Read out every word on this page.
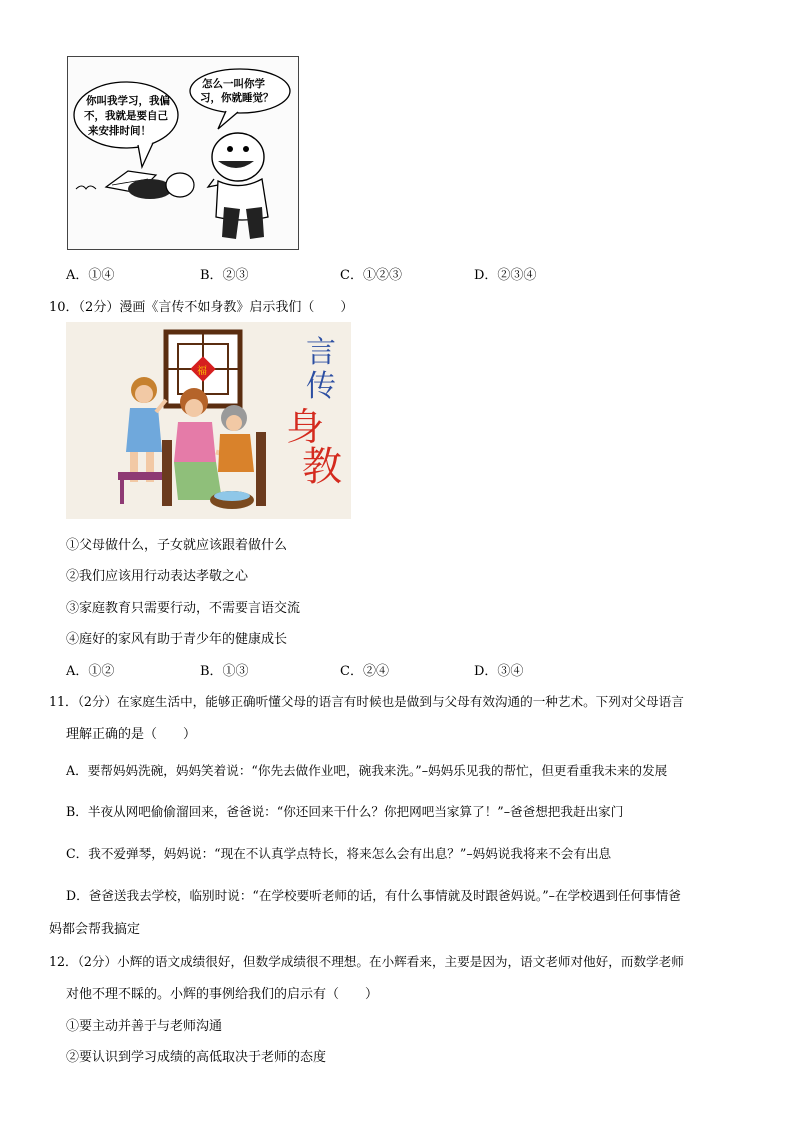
你叫我学习，我偏
不，我就是要自己
来安排时间！
怎么一叫你学
习，你就睡觉？
A．①④	B．②③	C．①②③	D．②③④
10．（2分）漫画《言传不如身教》启示我们（　　）
福
言
传
身
教
①父母做什么，子女就应该跟着做什么
②我们应该用行动表达孝敬之心
③家庭教育只需要行动，不需要言语交流
④庭好的家风有助于青少年的健康成长
A．①②	B．①③	C．②④	D．③④
11．（2分）在家庭生活中，能够正确听懂父母的语言有时候也是做到与父母有效沟通的一种艺术。下列对父母语言
理解正确的是（　　）
A．要帮妈妈洗碗，妈妈笑着说：“你先去做作业吧，碗我来洗。”–妈妈乐见我的帮忙，但更看重我未来的发展
B．半夜从网吧偷偷溜回来，爸爸说：“你还回来干什么？你把网吧当家算了！”–爸爸想把我赶出家门
C．我不爱弹琴，妈妈说：“现在不认真学点特长，将来怎么会有出息？”–妈妈说我将来不会有出息
D．爸爸送我去学校，临别时说：“在学校要听老师的话，有什么事情就及时跟爸妈说。”–在学校遇到任何事情爸
妈都会帮我搞定
12．（2分）小辉的语文成绩很好，但数学成绩很不理想。在小辉看来，主要是因为，语文老师对他好，而数学老师
对他不理不睬的。小辉的事例给我们的启示有（　　）
①要主动并善于与老师沟通
②要认识到学习成绩的高低取决于老师的态度
